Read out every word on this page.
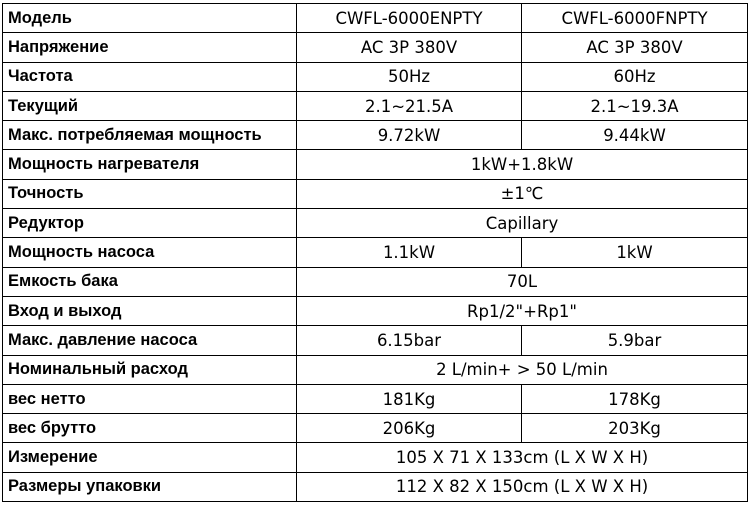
Модель	CWFL-6000ENPTY	CWFL-6000FNPTY
Напряжение	AC 3P 380V	AC 3P 380V
Частота	50Hz	60Hz
Текущий	2.1~21.5A	2.1~19.3A
Макс. потребляемая мощность	9.72kW	9.44kW
Мощность нагревателя	1kW+1.8kW	
Точность	±1℃	
Редуктор	Capillary	
Мощность насоса	1.1kW	1kW
Емкость бака	70L	
Вход и выход	Rp1/2"+Rp1"	
Макс. давление насоса	6.15bar	5.9bar
Номинальный расход	2 L/min+ > 50 L/min	
вес нетто	181Kg	178Kg
вес брутто	206Kg	203Kg
Измерение	105 X 71 X 133cm (L X W X H)	
Размеры упаковки	112 X 82 X 150cm (L X W X H)	
